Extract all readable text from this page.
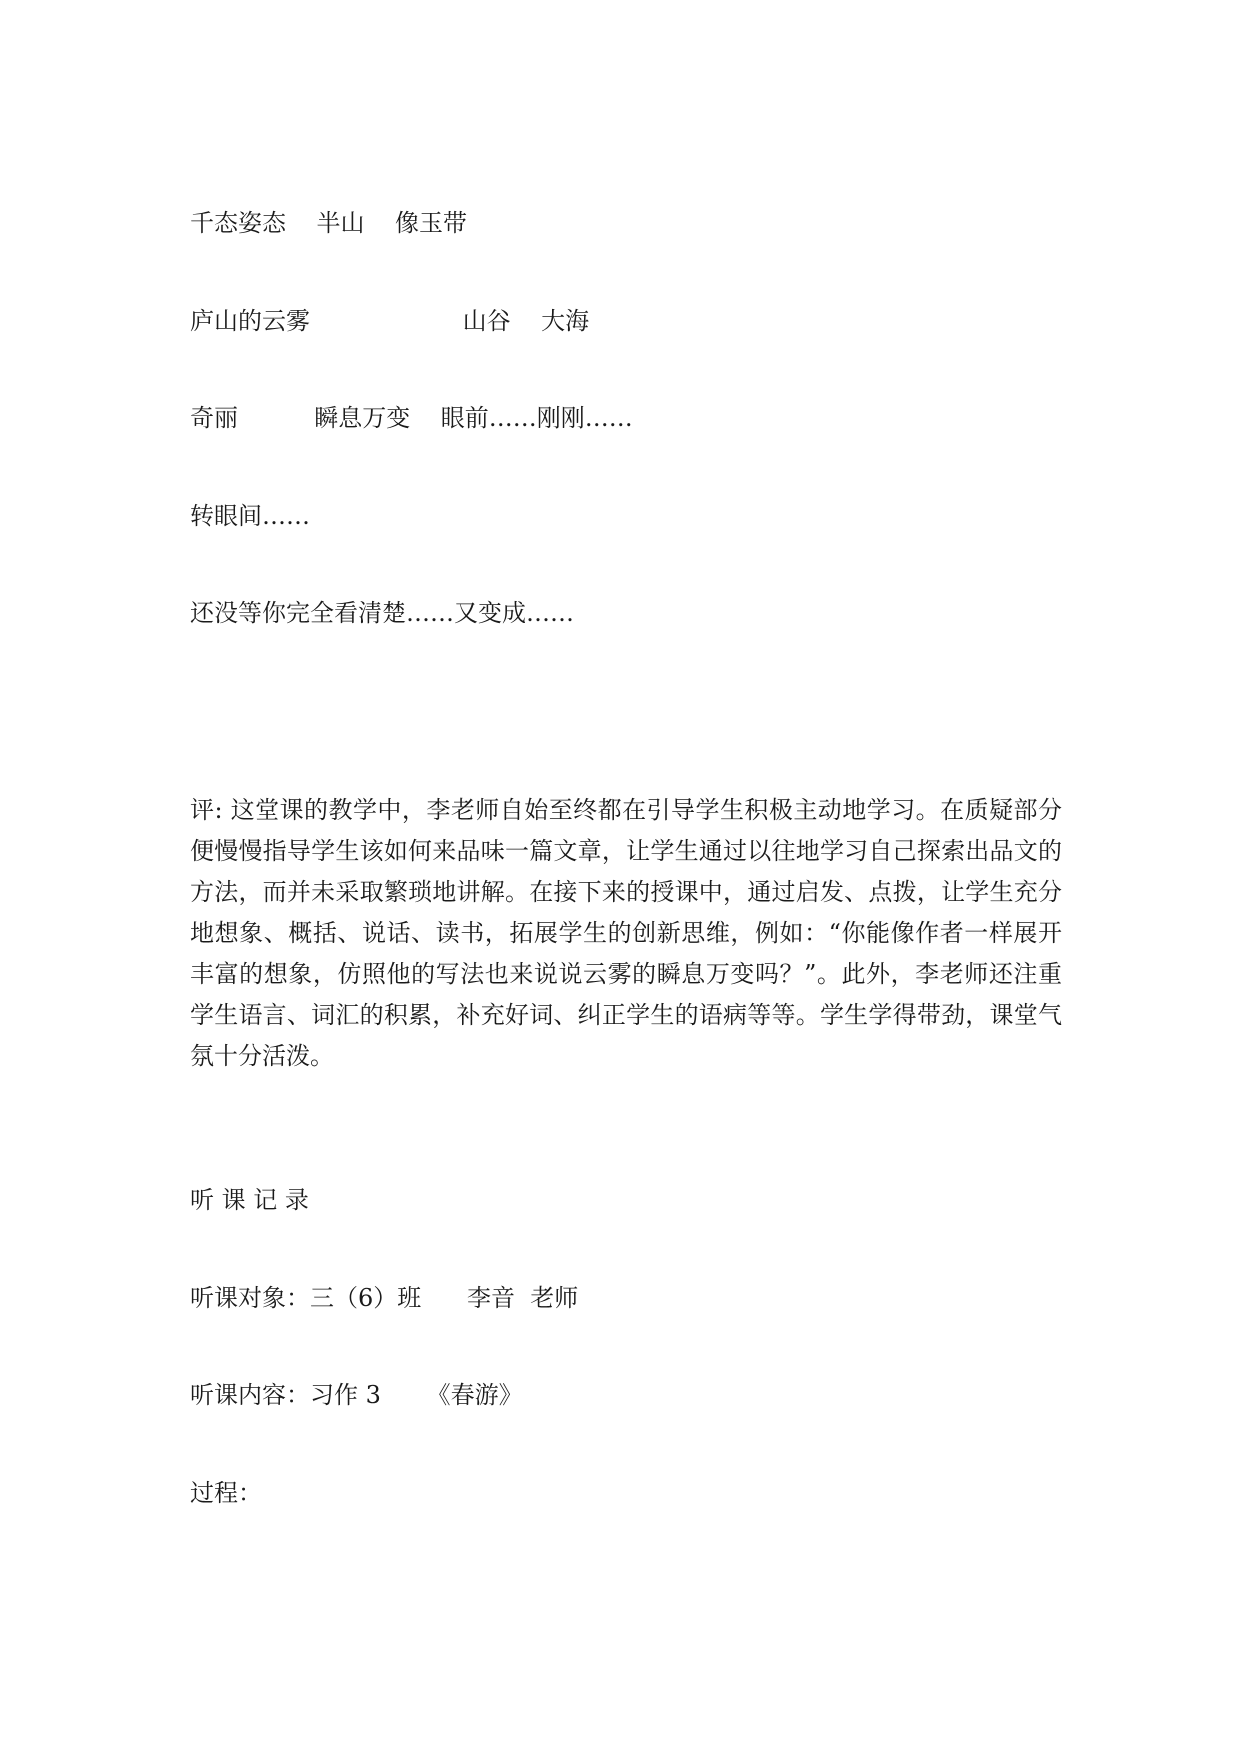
千态姿态    半山    像玉带
庐山的云雾                    山谷    大海
奇丽          瞬息万变    眼前……刚刚……
转眼间……
还没等你完全看清楚……又变成……
评: 这堂课的教学中，李老师自始至终都在引导学生积极主动地学习。在质疑部分便慢慢指导学生该如何来品味一篇文章，让学生通过以往地学习自己探索出品文的方法，而并未采取繁琐地讲解。在接下来的授课中，通过启发、点拨，让学生充分地想象、概括、说话、读书，拓展学生的创新思维，例如：“你能像作者一样展开丰富的想象，仿照他的写法也来说说云雾的瞬息万变吗？”。此外，李老师还注重学生语言、词汇的积累，补充好词、纠正学生的语病等等。学生学得带劲，课堂气氛十分活泼。
听 课 记 录
听课对象：三（6）班      李音  老师
听课内容：习作 3      《春游》
过程：
